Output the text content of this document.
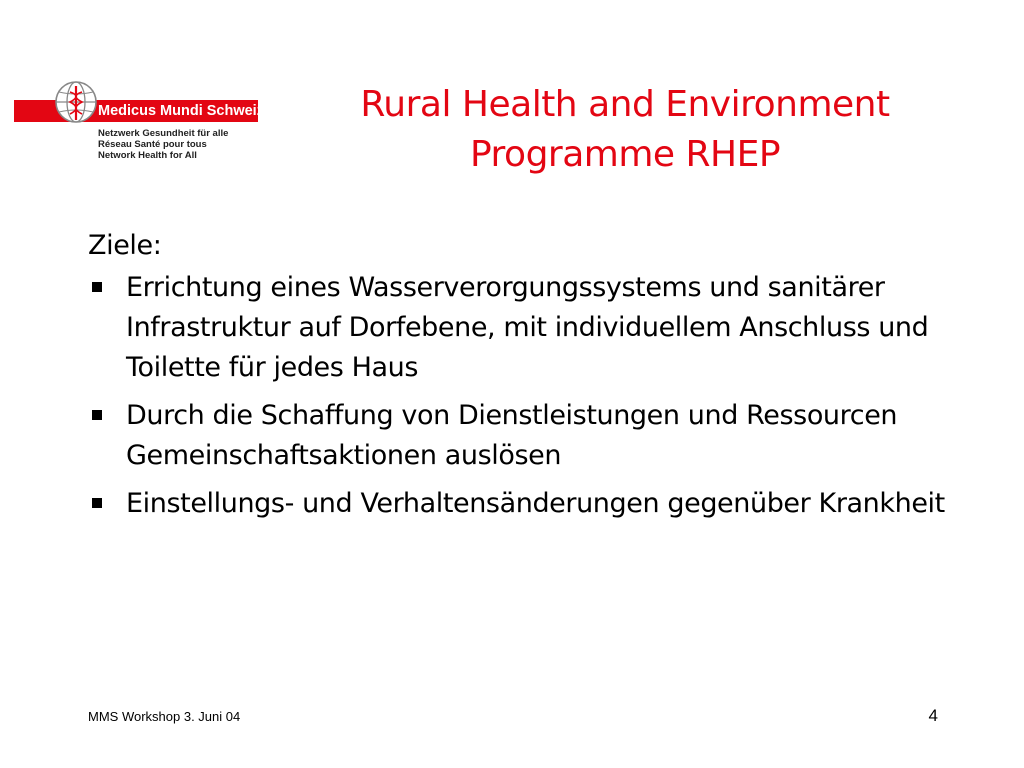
Medicus Mundi Schweiz
Netzwerk Gesundheit für alle
Réseau Santé pour tous
Network Health for All
Rural Health and Environment
Programme RHEP
Ziele:
Errichtung eines Wasserverorgungssystems und sanitärer Infrastruktur auf Dorfebene, mit individuellem Anschluss und Toilette für jedes Haus
Durch die Schaffung von Dienstleistungen und Ressourcen Gemeinschaftsaktionen auslösen
Einstellungs- und Verhaltensänderungen gegenüber Krankheit
MMS Workshop 3. Juni 04	4
